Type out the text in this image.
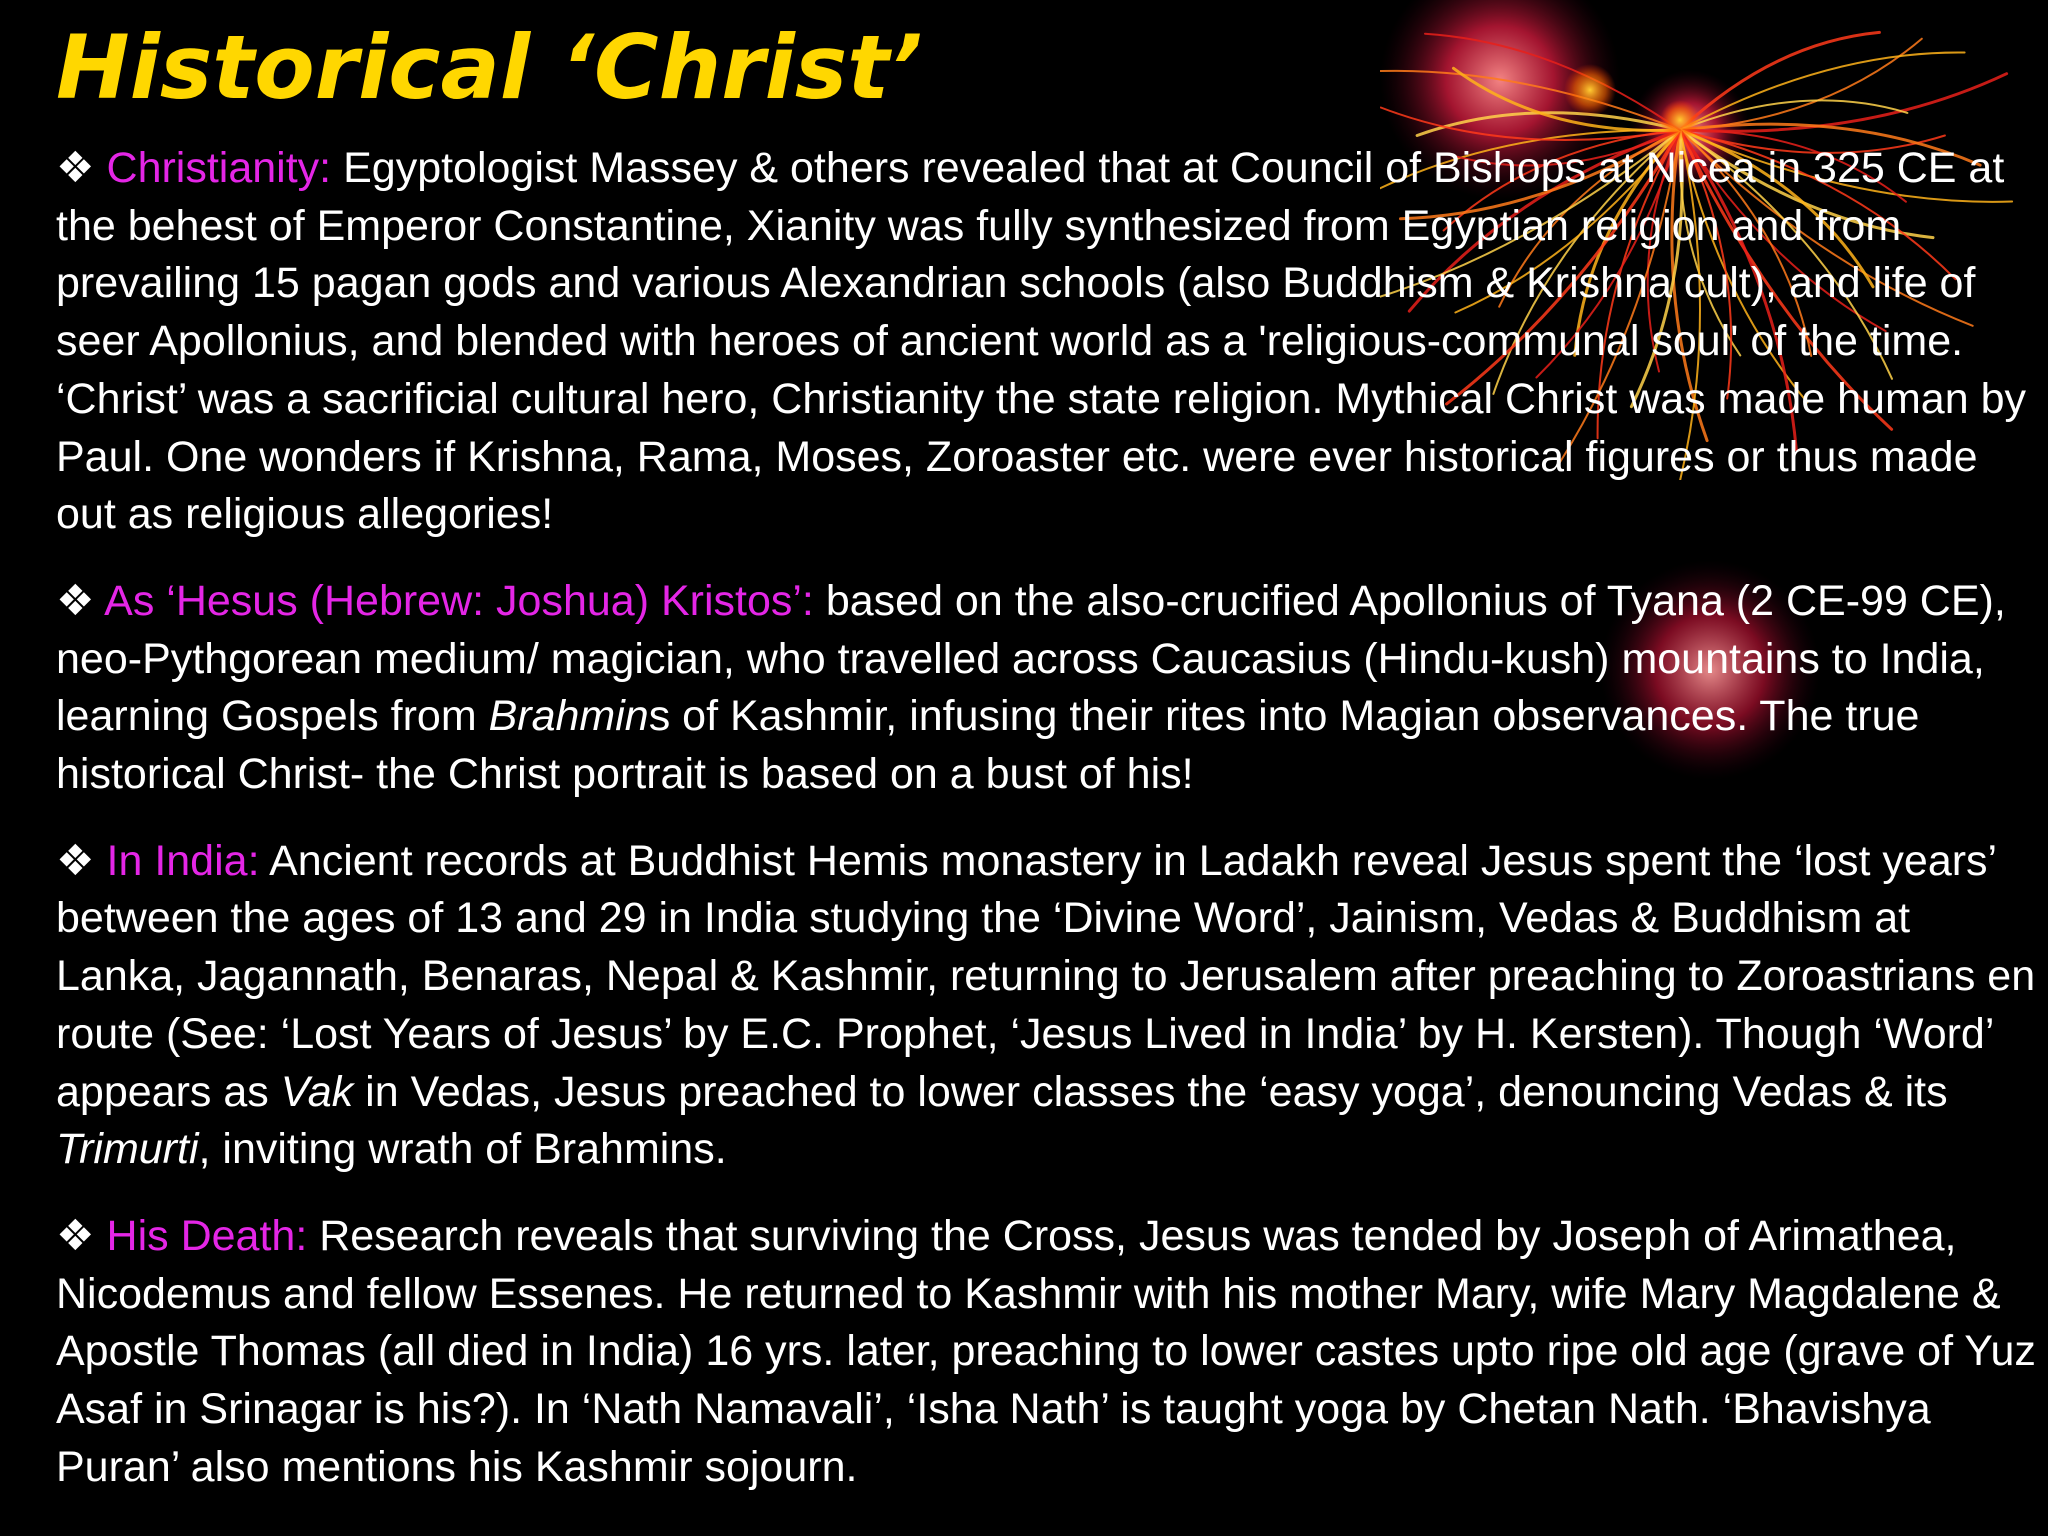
Historical ‘Christ’

❖ Christianity: Egyptologist Massey & others revealed that at Council of Bishops at Nicea in 325 CE at the behest of Emperor Constantine, Xianity was fully synthesized from Egyptian religion and from prevailing 15 pagan gods and various Alexandrian schools (also Buddhism & Krishna cult), and life of seer Apollonius, and blended with heroes of ancient world as a 'religious-communal soul' of the time. ‘Christ’ was a sacrificial cultural hero, Christianity the state religion. Mythical Christ was made human by Paul. One wonders if Krishna, Rama, Moses, Zoroaster etc. were ever historical figures or thus made out as religious allegories!

❖ As ‘Hesus (Hebrew: Joshua) Kristos’: based on the also-crucified Apollonius of Tyana (2 CE-99 CE), neo-Pythgorean medium/ magician, who travelled across Caucasius (Hindu-kush) mountains to India, learning Gospels from Brahmins of Kashmir, infusing their rites into Magian observances. The true historical Christ- the Christ portrait is based on a bust of his!

❖ In India: Ancient records at Buddhist Hemis monastery in Ladakh reveal Jesus spent the ‘lost years’ between the ages of 13 and 29 in India studying the ‘Divine Word’, Jainism, Vedas & Buddhism at Lanka, Jagannath, Benaras, Nepal & Kashmir, returning to Jerusalem after preaching to Zoroastrians en route (See: ‘Lost Years of Jesus’ by E.C. Prophet, ‘Jesus Lived in India’ by H. Kersten). Though ‘Word’ appears as Vak in Vedas, Jesus preached to lower classes the ‘easy yoga’, denouncing Vedas & its Trimurti, inviting wrath of Brahmins.

❖ His Death: Research reveals that surviving the Cross, Jesus was tended by Joseph of Arimathea, Nicodemus and fellow Essenes. He returned to Kashmir with his mother Mary, wife Mary Magdalene & Apostle Thomas (all died in India) 16 yrs. later, preaching to lower castes upto ripe old age (grave of Yuz Asaf in Srinagar is his?). In ‘Nath Namavali’, ‘Isha Nath’ is taught yoga by Chetan Nath. ‘Bhavishya Puran’ also mentions his Kashmir sojourn.
